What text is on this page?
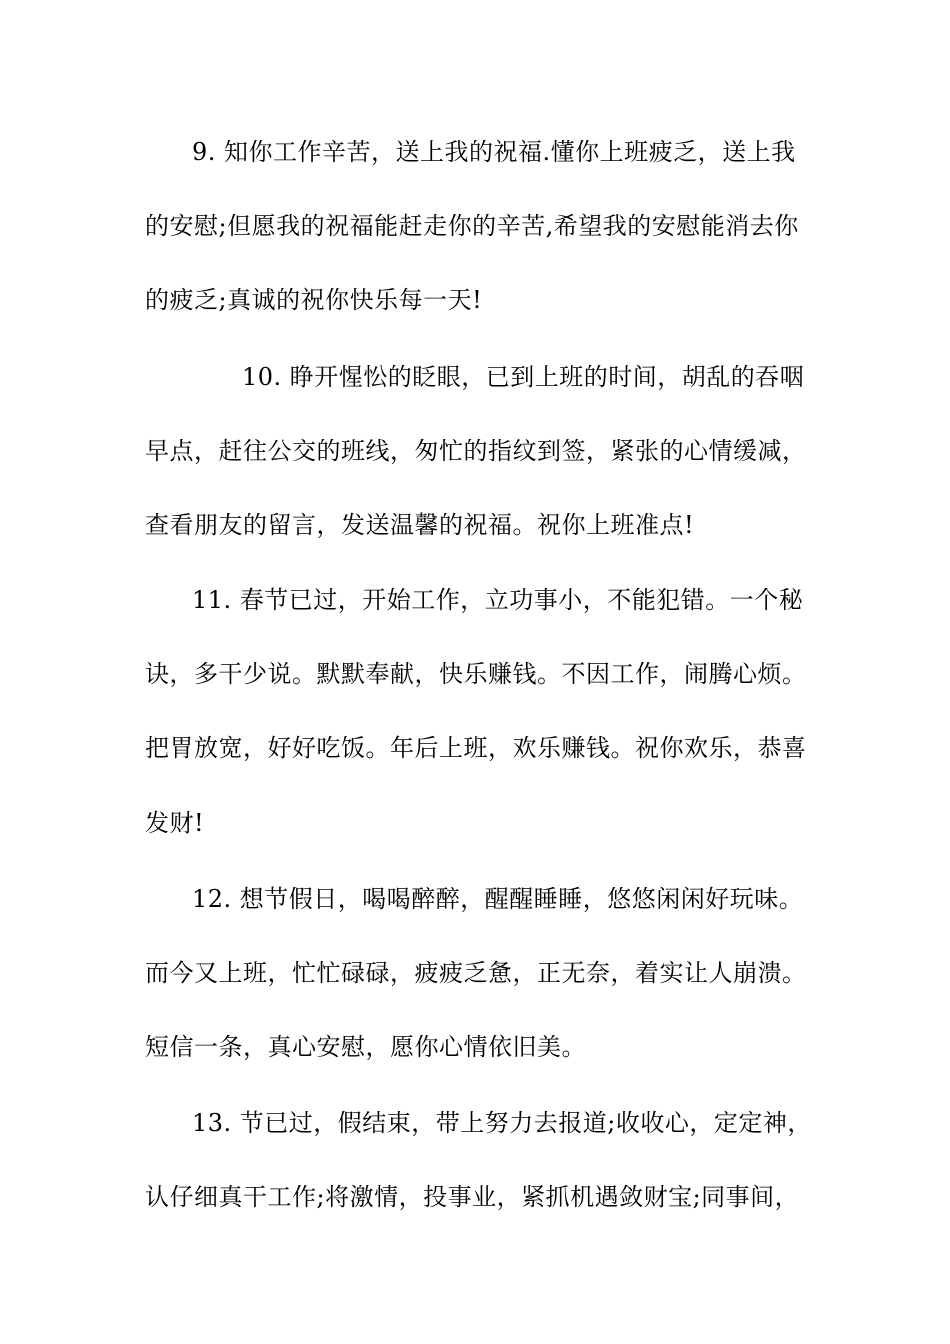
9. 知你工作辛苦，送上我的祝福.懂你上班疲乏，送上我
的安慰;但愿我的祝福能赶走你的辛苦,希望我的安慰能消去你
的疲乏;真诚的祝你快乐每一天!
10. 睁开惺忪的眨眼，已到上班的时间，胡乱的吞咽
早点，赶往公交的班线，匆忙的指纹到签，紧张的心情缓减，
查看朋友的留言，发送温馨的祝福。祝你上班准点!
11. 春节已过，开始工作，立功事小，不能犯错。一个秘
诀，多干少说。默默奉献，快乐赚钱。不因工作，闹腾心烦。
把胃放宽，好好吃饭。年后上班，欢乐赚钱。祝你欢乐，恭喜
发财!
12. 想节假日，喝喝醉醉，醒醒睡睡，悠悠闲闲好玩味。
而今又上班，忙忙碌碌，疲疲乏惫，正无奈，着实让人崩溃。
短信一条，真心安慰，愿你心情依旧美。
13. 节已过，假结束，带上努力去报道;收收心，定定神，
认仔细真干工作;将激情，投事业，紧抓机遇敛财宝;同事间，
